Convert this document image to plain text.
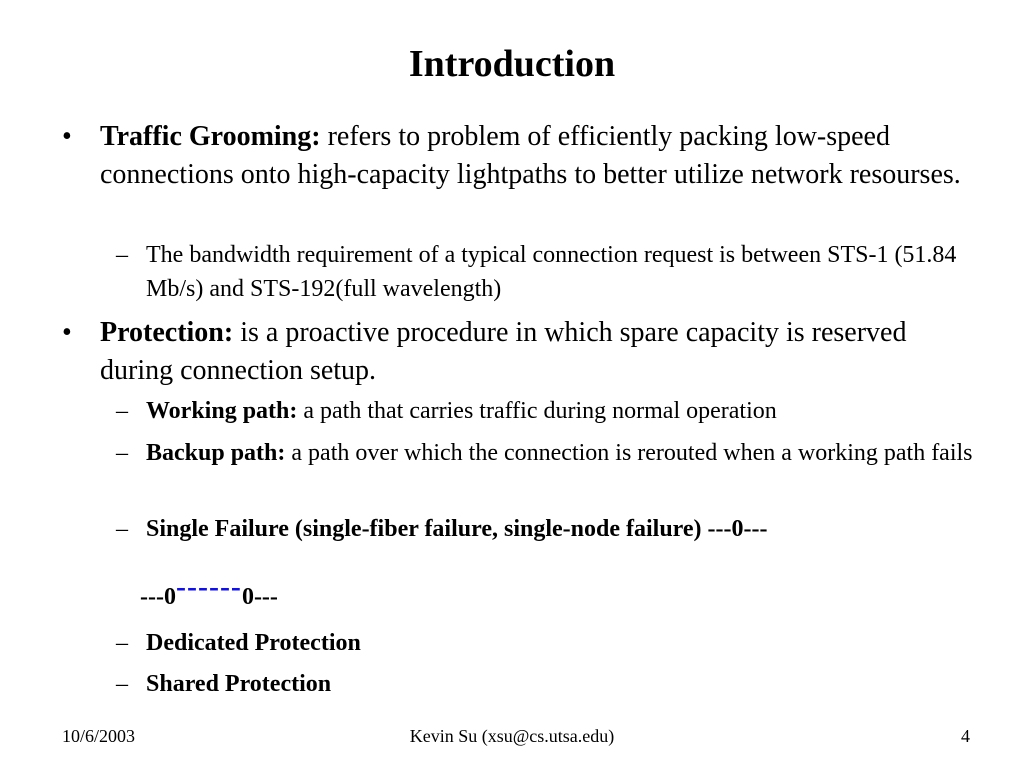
Introduction
• Traffic Grooming: refers to problem of efficiently packing low-speed connections onto high-capacity lightpaths to better utilize network resourses.
– The bandwidth requirement of a typical connection request is between STS-1 (51.84 Mb/s) and STS-192(full wavelength)
• Protection: is a proactive procedure in which spare capacity is reserved during connection setup.
– Working path: a path that carries traffic during normal operation
– Backup path: a path over which the connection is rerouted when a working path fails
– Single Failure (single-fiber failure, single-node failure) ---0---
---0------0---
– Dedicated Protection
– Shared Protection
10/6/2003	Kevin Su (xsu@cs.utsa.edu)	4
